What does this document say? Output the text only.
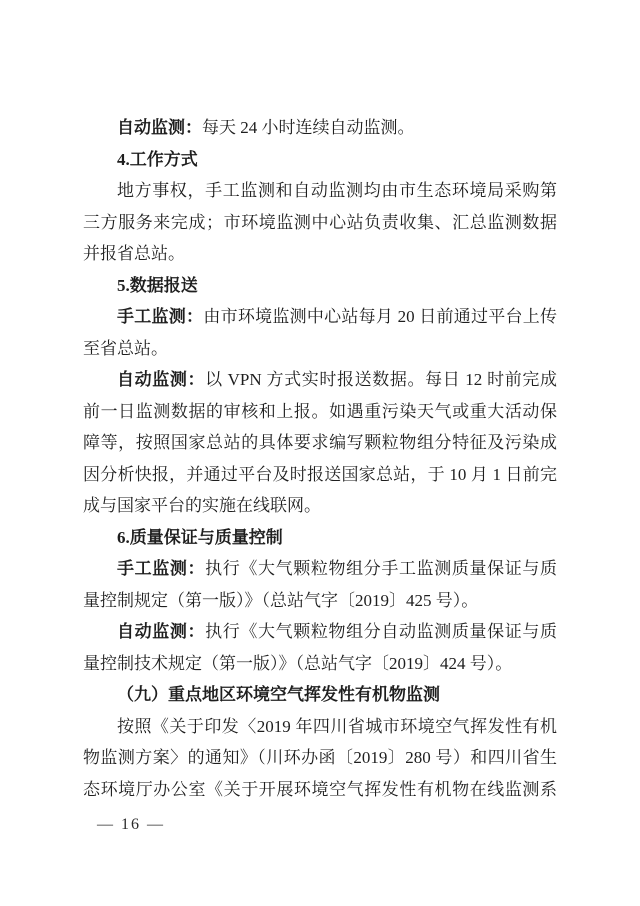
自动监测：每天 24 小时连续自动监测。
4.工作方式
地方事权，手工监测和自动监测均由市生态环境局采购第
三方服务来完成；市环境监测中心站负责收集、汇总监测数据
并报省总站。
5.数据报送
手工监测：由市环境监测中心站每月 20 日前通过平台上传
至省总站。
自动监测：以 VPN 方式实时报送数据。每日 12 时前完成
前一日监测数据的审核和上报。如遇重污染天气或重大活动保
障等，按照国家总站的具体要求编写颗粒物组分特征及污染成
因分析快报，并通过平台及时报送国家总站，于 10 月 1 日前完
成与国家平台的实施在线联网。
6.质量保证与质量控制
手工监测：执行《大气颗粒物组分手工监测质量保证与质
量控制规定（第一版）》（总站气字〔2019〕425 号）。
自动监测：执行《大气颗粒物组分自动监测质量保证与质
量控制技术规定（第一版）》（总站气字〔2019〕424 号）。
（九）重点地区环境空气挥发性有机物监测
按照《关于印发〈2019 年四川省城市环境空气挥发性有机
物监测方案〉的通知》（川环办函〔2019〕280 号）和四川省生
态环境厅办公室《关于开展环境空气挥发性有机物在线监测系
— 16 —
